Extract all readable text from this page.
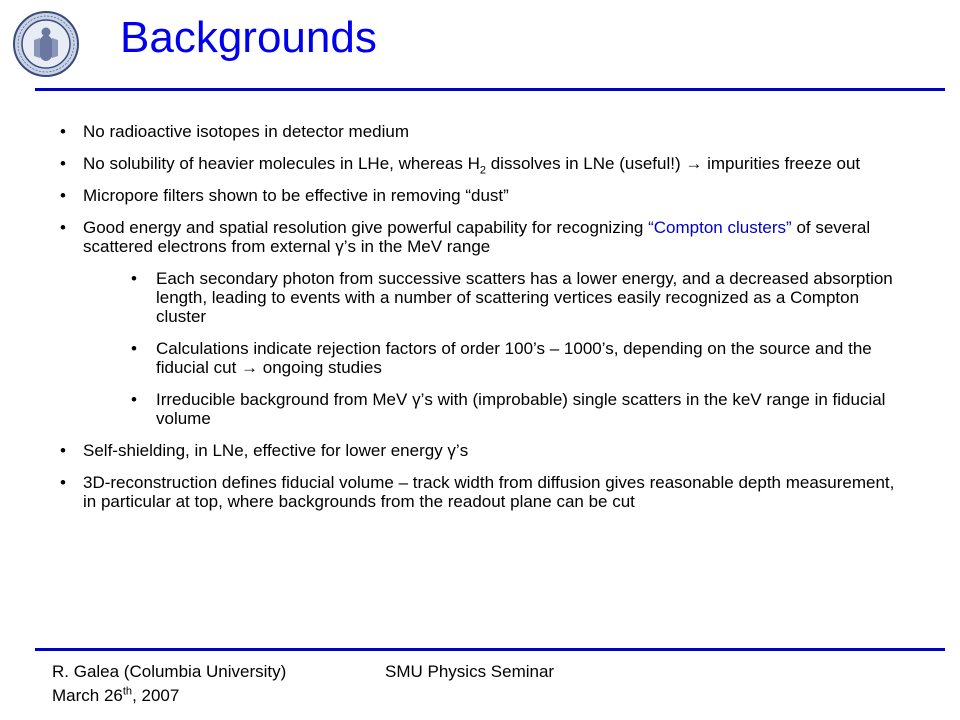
Backgrounds
• No radioactive isotopes in detector medium
• No solubility of heavier molecules in LHe, whereas $H_2$ dissolves in LNe (useful!) → impurities freeze out
• Micropore filters shown to be effective in removing “dust”
• Good energy and spatial resolution give powerful capability for recognizing “Compton clusters” of several scattered electrons from external γ’s in the MeV range
• Each secondary photon from successive scatters has a lower energy, and a decreased absorption length, leading to events with a number of scattering vertices easily recognized as a Compton cluster
• Calculations indicate rejection factors of order 100’s – 1000’s, depending on the source and the fiducial cut → ongoing studies
• Irreducible background from MeV γ’s with (improbable) single scatters in the keV range in fiducial volume
• Self-shielding, in LNe, effective for lower energy γ’s
• 3D-reconstruction defines fiducial volume – track width from diffusion gives reasonable depth measurement, in particular at top, where backgrounds from the readout plane can be cut
R. Galea (Columbia University)
March 26th, 2007
SMU Physics Seminar
